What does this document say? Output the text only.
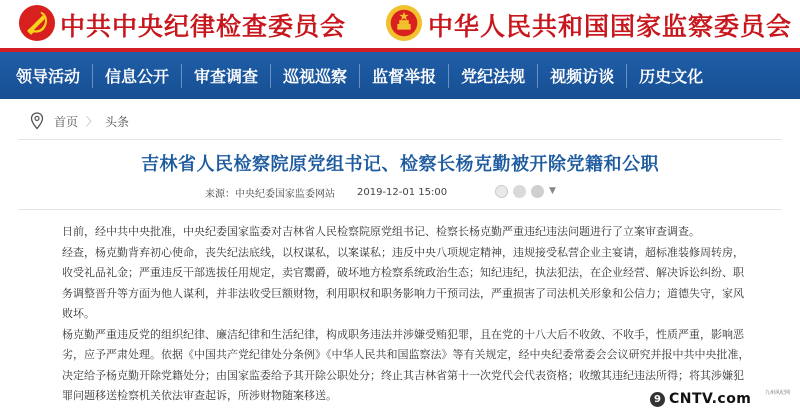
中共中央纪律检查委员会	中华人民共和国国家监察委员会
领导活动 信息公开 审查调查 巡视巡察 监督举报 党纪法规 视频访谈 历史文化
首页 〉 头条
吉林省人民检察院原党组书记、检察长杨克勤被开除党籍和公职
来源：中央纪委国家监委网站 2019-12-01 15:00	▼

日前，经中共中央批准，中央纪委国家监委对吉林省人民检察院原党组书记、检察长杨克勤严重违纪违法问题进行了立案审查调查。

经查，杨克勤背弃初心使命，丧失纪法底线，以权谋私，以案谋私；违反中央八项规定精神，违规接受私营企业主宴请，超标准装修周转房，收受礼品礼金；严重违反干部选拔任用规定，卖官鬻爵，破坏地方检察系统政治生态；知纪违纪，执法犯法，在企业经营、解决诉讼纠纷、职务调整晋升等方面为他人谋利，并非法收受巨额财物，利用职权和职务影响力干预司法，严重损害了司法机关形象和公信力；道德失守，家风败坏。

杨克勤严重违反党的组织纪律、廉洁纪律和生活纪律，构成职务违法并涉嫌受贿犯罪，且在党的十八大后不收敛、不收手，性质严重，影响恶劣，应予严肃处理。依据《中国共产党纪律处分条例》《中华人民共和国监察法》等有关规定，经中央纪委常委会会议研究并报中共中央批准，决定给予杨克勤开除党籍处分；由国家监委给予其开除公职处分；终止其吉林省第十一次党代会代表资格；收缴其违纪违法所得；将其涉嫌犯罪问题移送检察机关依法审查起诉，所涉财物随案移送。	9 CNTV.com	九州风纪网
